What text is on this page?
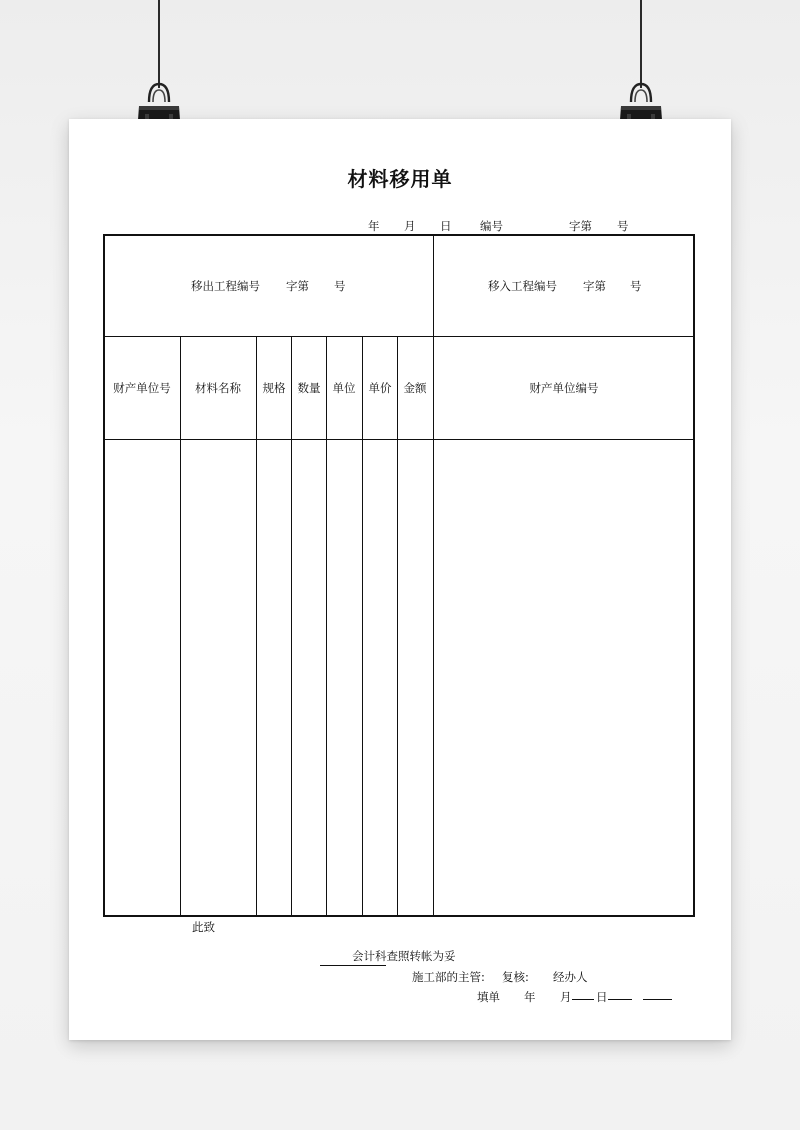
材料移用单
年 月 日 编号	字第 号
移出工程编号 字第 号	移入工程编号 字第 号
财产单位号 材料名称 规格 数量 单位 单价 金额	财产单位编号
此致
会计科查照转帐为妥
施工部的主管: 复核: 经办人
填单 年 月 日
